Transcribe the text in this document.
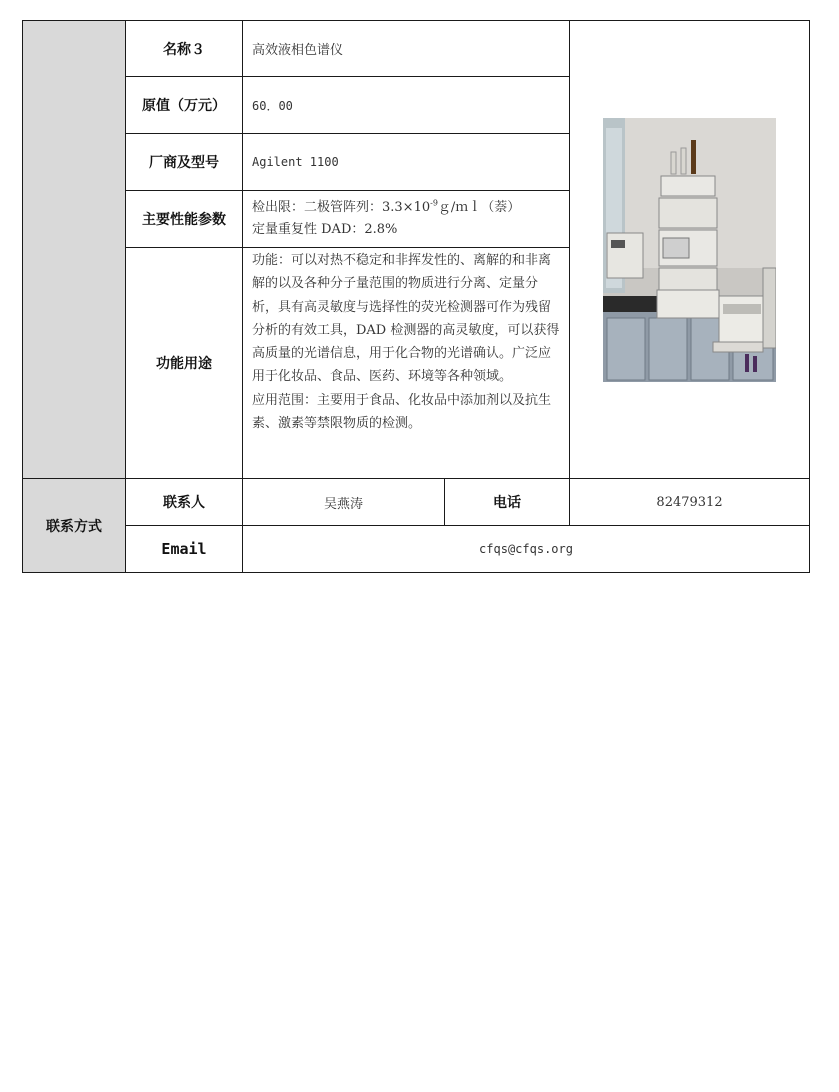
	名称３	高效液相色谱仪	

	原值（万元）	60．00		
	厂商及型号	Agilent 1100		
	主要性能参数	检出限：二极管阵列：$3.3\times 10^{-9}g/ml$（萘）
定量重复性 DAD：2.8%		

	功能用途	功能：可以对热不稳定和非挥发性的、离解的和非离解的以及各种分子量范围的物质进行分离、定量分析，具有高灵敏度与选择性的荧光检测器可作为残留分析的有效工具，DAD 检测器的高灵敏度，可以获得高质量的光谱信息，用于化合物的光谱确认。广泛应用于化妆品、食品、医药、环境等各种领域。
应用范围：主要用于食品、化妆品中添加剂以及抗生素、激素等禁限物质的检测。		

联系方式	联系人	吴燕涛	电话	82479312
	Email	cfqs@cfqs.org		
